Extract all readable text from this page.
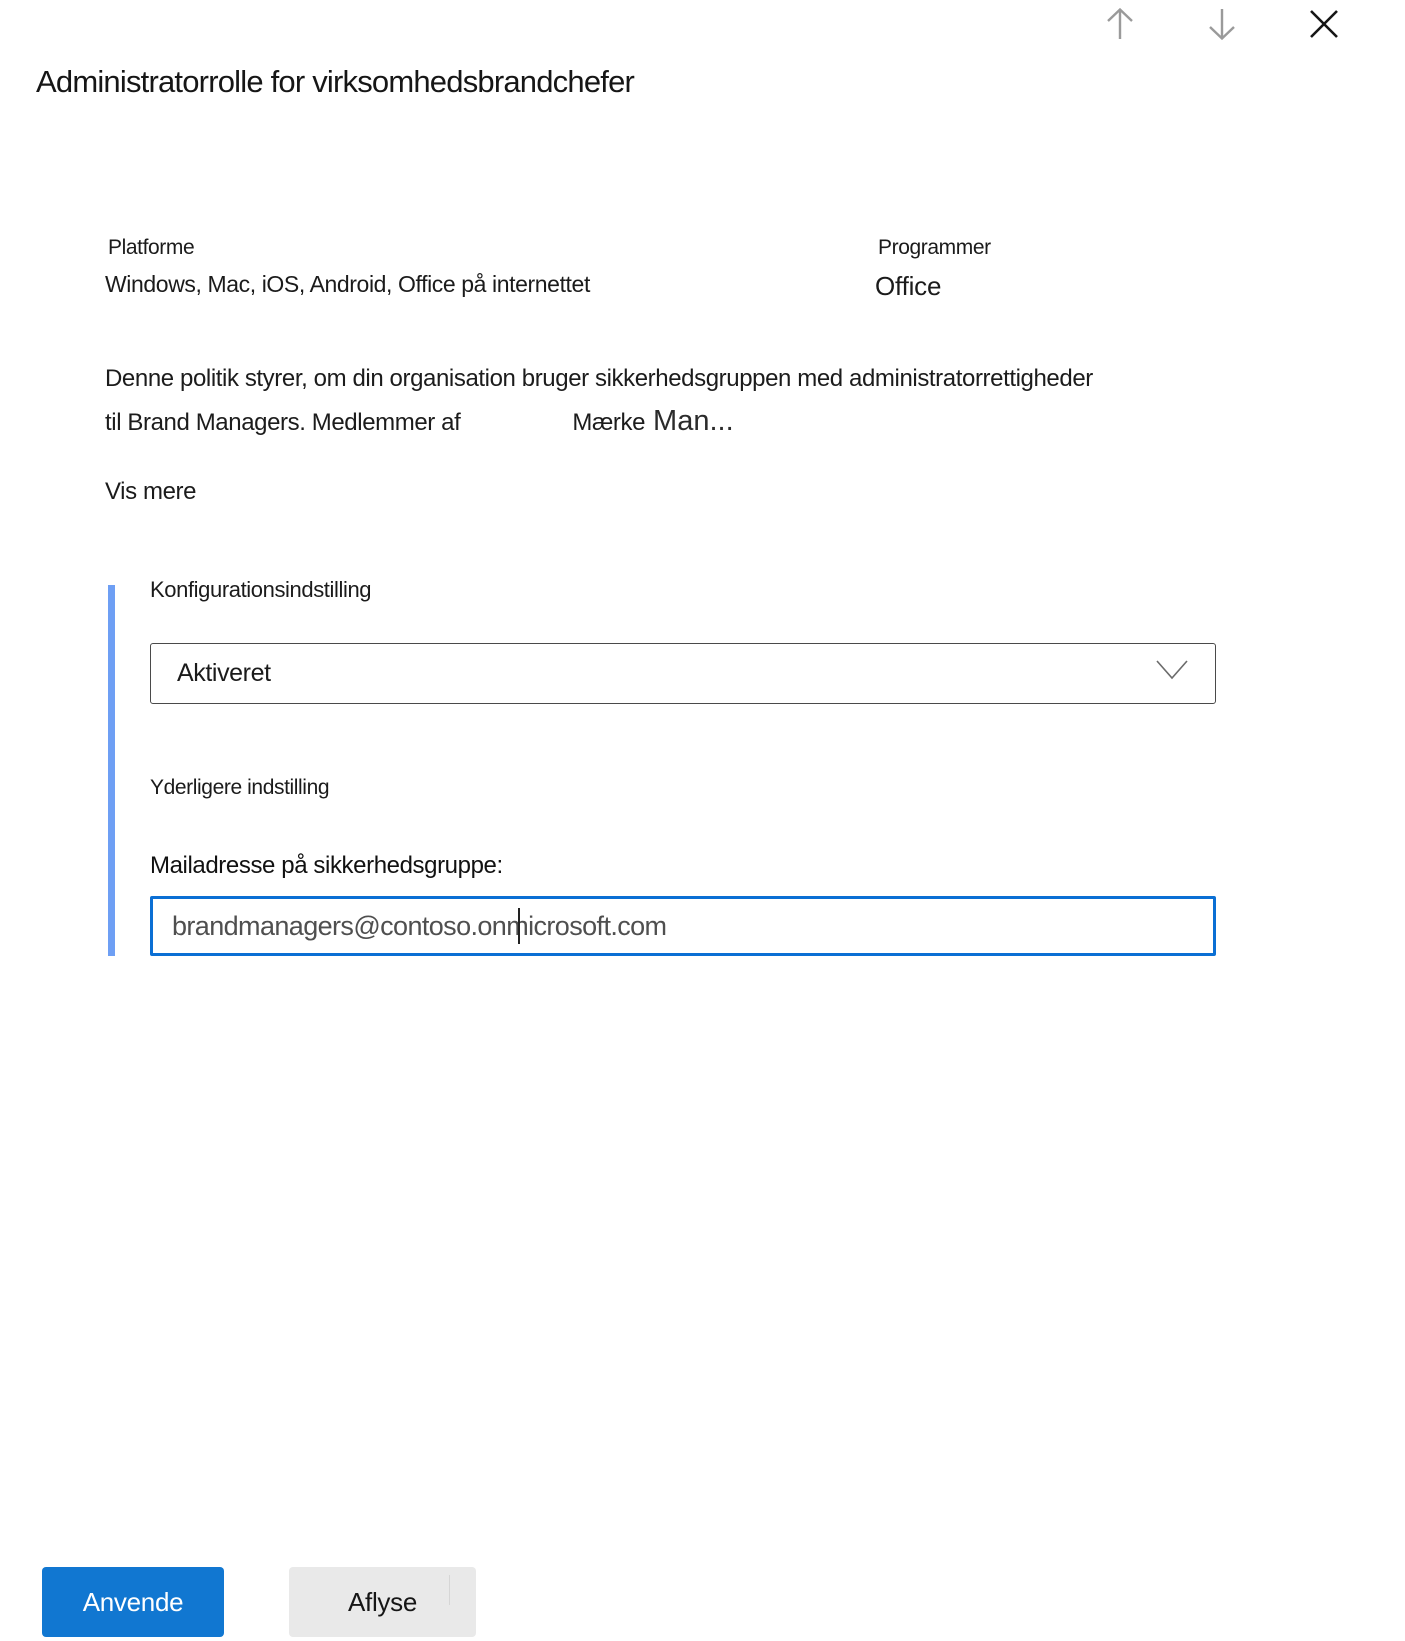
Administratorrolle for virksomhedsbrandchefer
Platforme
Windows, Mac, iOS, Android, Office på internettet
Programmer
Office
Denne politik styrer, om din organisation bruger sikkerhedsgruppen med administratorrettigheder
til Brand Managers. Medlemmer af	Mærke Man...
Vis mere
Konfigurationsindstilling
Aktiveret
Yderligere indstilling
Mailadresse på sikkerhedsgruppe:
brandmanagers@contoso.onmicrosoft.com
Anvende	Aflyse
